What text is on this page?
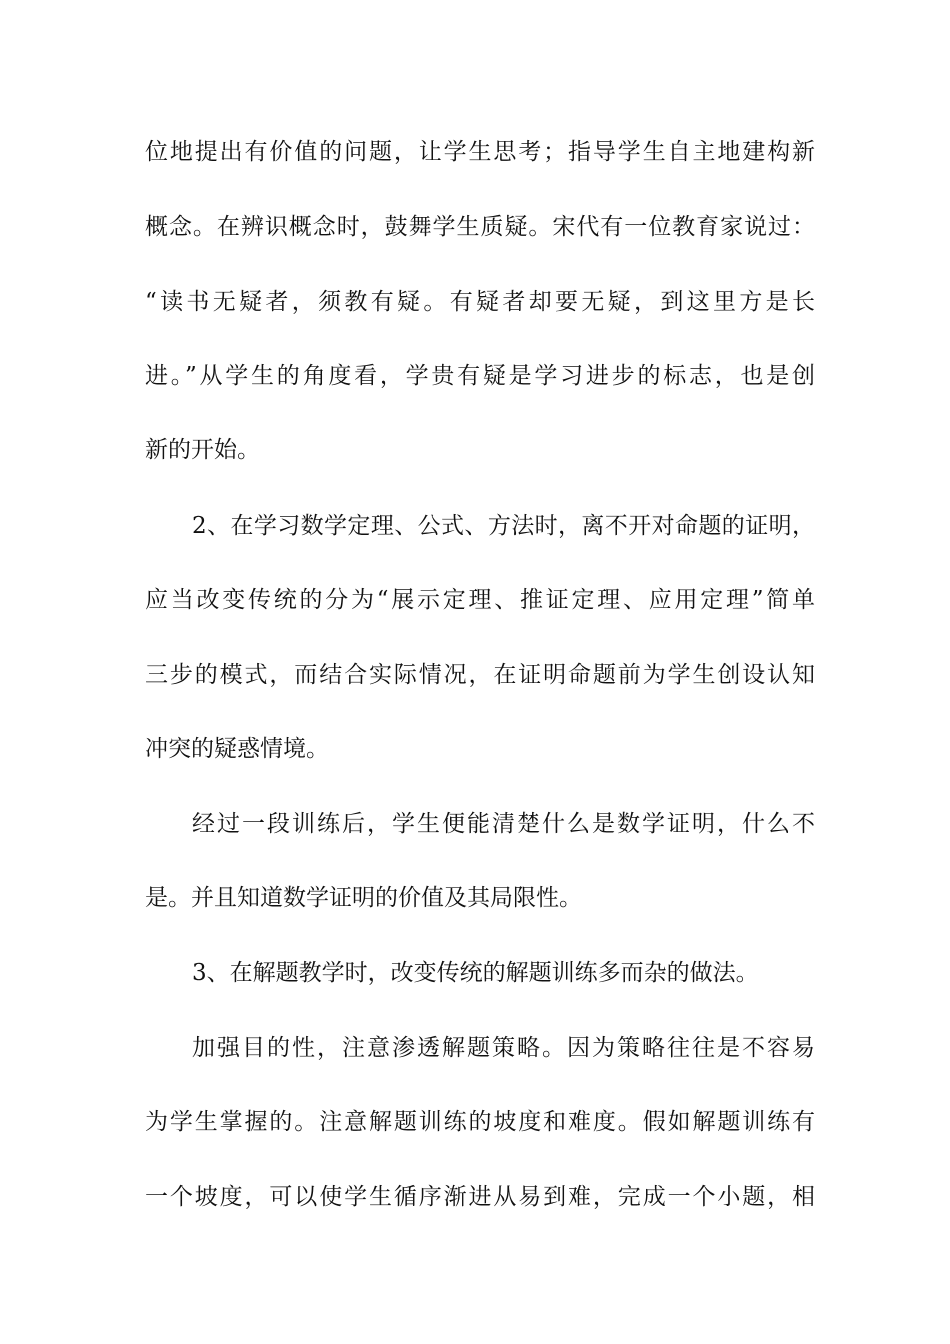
位地提出有价值的问题，让学生思考；指导学生自主地建构新
概念。在辨识概念时，鼓舞学生质疑。宋代有一位教育家说过：
“读书无疑者，须教有疑。有疑者却要无疑，到这里方是长
进。”从学生的角度看，学贵有疑是学习进步的标志，也是创
新的开始。
2、在学习数学定理、公式、方法时，离不开对命题的证明，
应当改变传统的分为“展示定理、推证定理、应用定理”简单
三步的模式，而结合实际情况，在证明命题前为学生创设认知
冲突的疑惑情境。
经过一段训练后，学生便能清楚什么是数学证明，什么不
是。并且知道数学证明的价值及其局限性。
3、在解题教学时，改变传统的解题训练多而杂的做法。
加强目的性，注意渗透解题策略。因为策略往往是不容易
为学生掌握的。注意解题训练的坡度和难度。假如解题训练有
一个坡度，可以使学生循序渐进从易到难，完成一个小题，相
